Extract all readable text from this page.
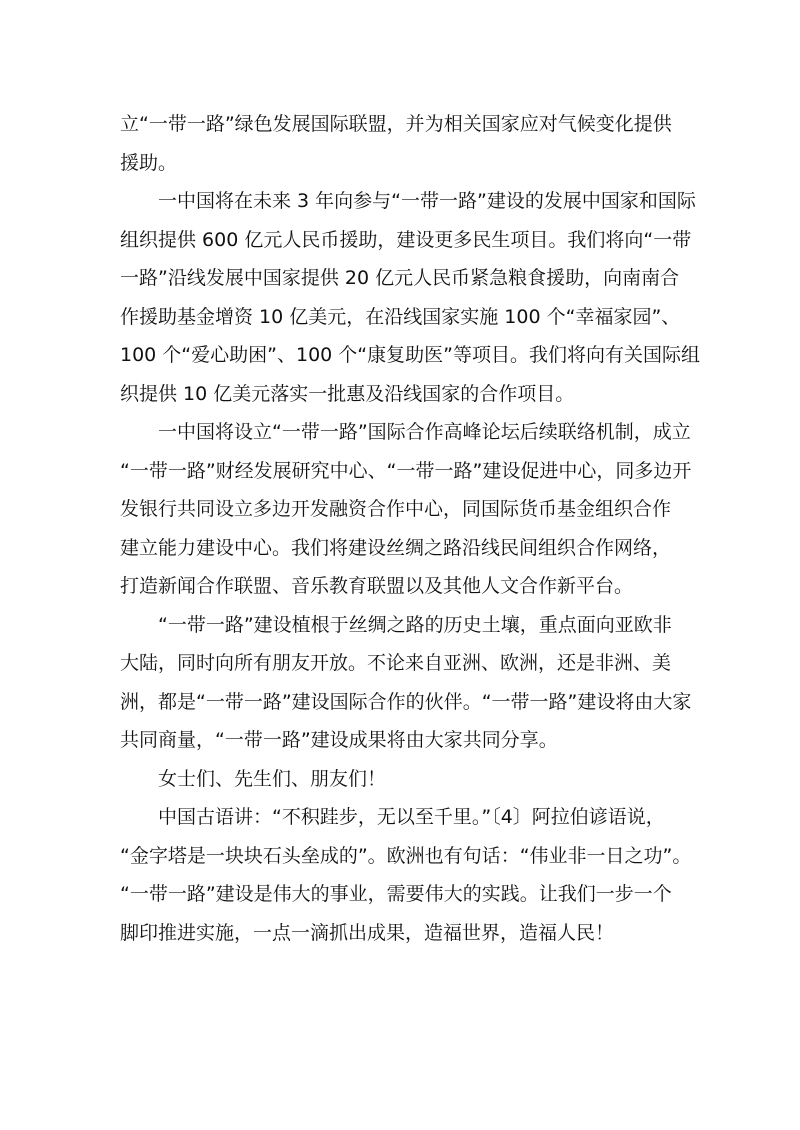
立“一带一路”绿色发展国际联盟，并为相关国家应对气候变化提供
援助。
一中国将在未来 3 年向参与“一带一路”建设的发展中国家和国际
组织提供 600 亿元人民币援助，建设更多民生项目。我们将向“一带
一路”沿线发展中国家提供 20 亿元人民币紧急粮食援助，向南南合
作援助基金增资 10 亿美元，在沿线国家实施 100 个“幸福家园”、
100 个“爱心助困”、100 个“康复助医”等项目。我们将向有关国际组
织提供 10 亿美元落实一批惠及沿线国家的合作项目。
一中国将设立“一带一路”国际合作高峰论坛后续联络机制，成立
“一带一路”财经发展研究中心、“一带一路”建设促进中心，同多边开
发银行共同设立多边开发融资合作中心，同国际货币基金组织合作
建立能力建设中心。我们将建设丝绸之路沿线民间组织合作网络，
打造新闻合作联盟、音乐教育联盟以及其他人文合作新平台。
“一带一路”建设植根于丝绸之路的历史土壤，重点面向亚欧非
大陆，同时向所有朋友开放。不论来自亚洲、欧洲，还是非洲、美
洲，都是“一带一路”建设国际合作的伙伴。“一带一路”建设将由大家
共同商量，“一带一路”建设成果将由大家共同分享。
女士们、先生们、朋友们！
中国古语讲：“不积跬步，无以至千里。”〔4〕阿拉伯谚语说，
“金字塔是一块块石头垒成的”。欧洲也有句话：“伟业非一日之功”。
“一带一路”建设是伟大的事业，需要伟大的实践。让我们一步一个
脚印推进实施，一点一滴抓出成果，造福世界，造福人民！
